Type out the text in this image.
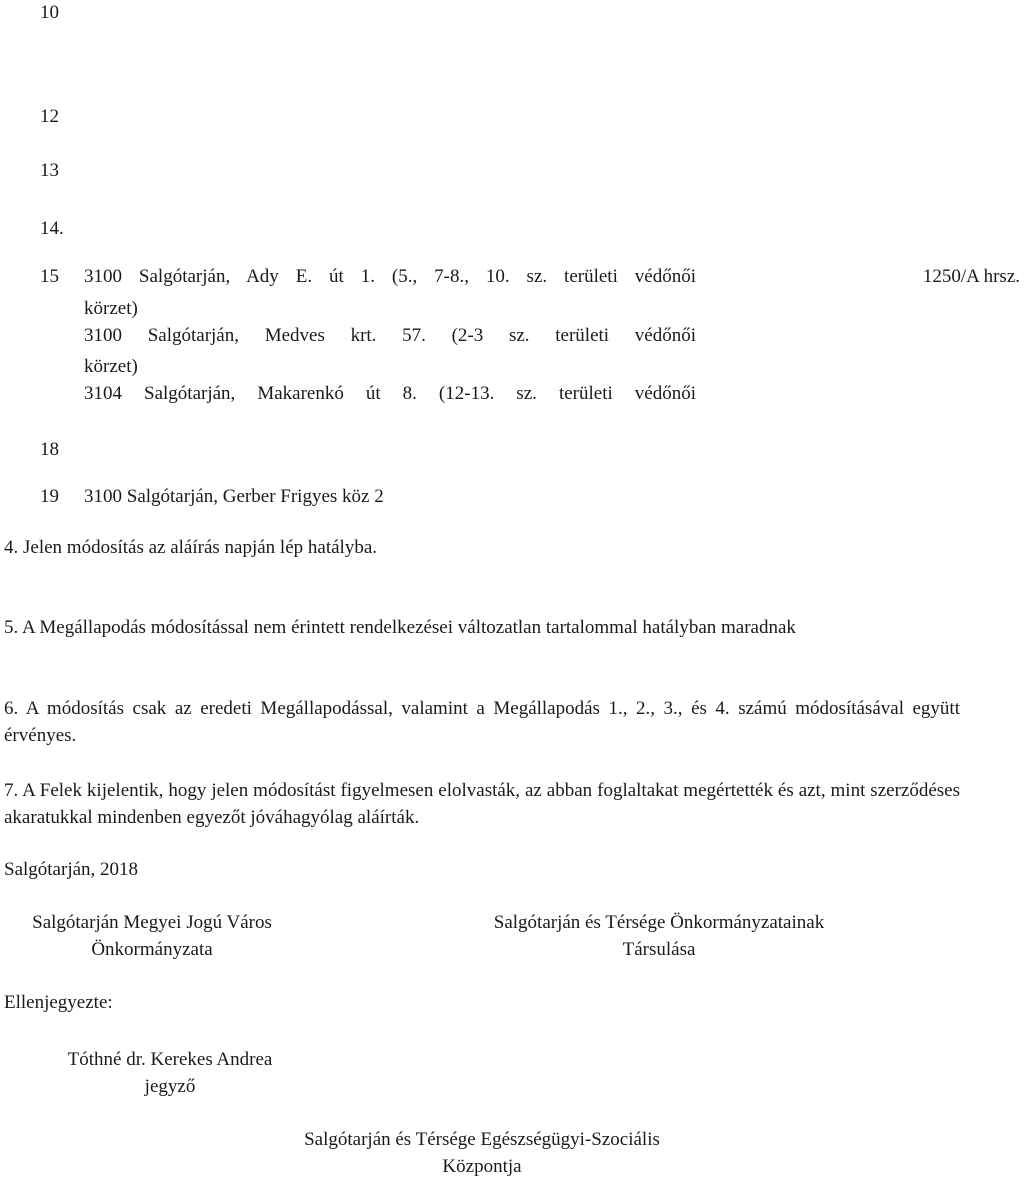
10
12
13
14.
15 3100 Salgótarján, Ady E. út 1. (5., 7-8., 10. sz. területi védőnői
körzet)
3100 Salgótarján, Medves krt. 57. (2-3 sz. területi védőnői
körzet)
3104 Salgótarján, Makarenkó út 8. (12-13. sz. területi védőnői
1250/A hrsz.
18
19 3100 Salgótarján, Gerber Frigyes köz 2
4. Jelen módosítás az aláírás napján lép hatályba.
5. A Megállapodás módosítással nem érintett rendelkezései változatlan tartalommal hatályban maradnak
6. A módosítás csak az eredeti Megállapodással, valamint a Megállapodás 1., 2., 3., és 4. számú módosításával együtt érvényes.
7. A Felek kijelentik, hogy jelen módosítást figyelmesen elolvasták, az abban foglaltakat megértették és azt, mint szerződéses akaratukkal mindenben egyezőt jóváhagyólag aláírták.
Salgótarján, 2018
Salgótarján Megyei Jogú Város
Önkormányzata
Salgótarján és Térsége Önkormányzatainak
Társulása
Ellenjegyezte:
Tóthné dr. Kerekes Andrea
jegyző
Salgótarján és Térsége Egészségügyi-Szociális
Központja
